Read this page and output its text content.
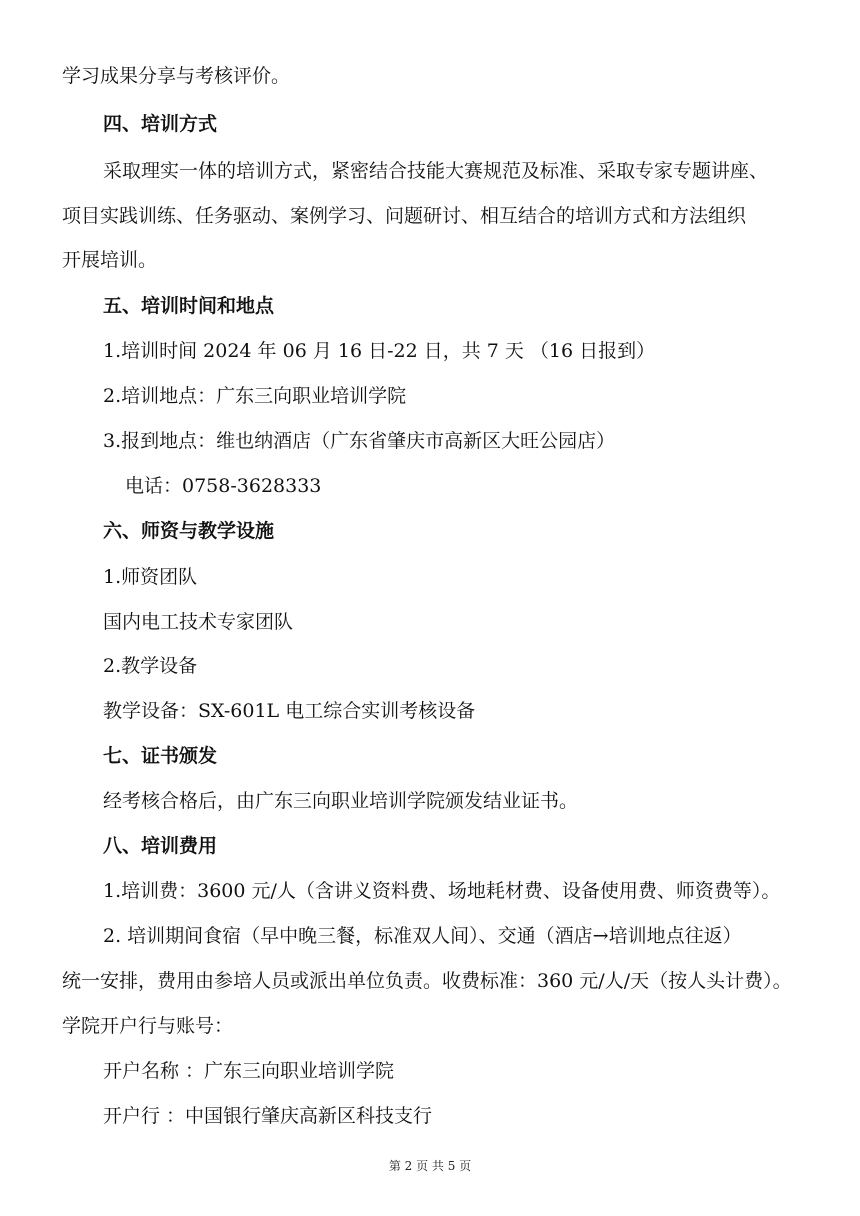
学习成果分享与考核评价。
四、培训方式
采取理实一体的培训方式，紧密结合技能大赛规范及标准、采取专家专题讲座、
项目实践训练、任务驱动、案例学习、问题研讨、相互结合的培训方式和方法组织
开展培训。
五、培训时间和地点
1.培训时间 2024 年 06 月 16 日-22 日，共 7 天 （16 日报到）
2.培训地点：广东三向职业培训学院
3.报到地点：维也纳酒店（广东省肇庆市高新区大旺公园店）
电话：0758-3628333
六、师资与教学设施
1.师资团队
国内电工技术专家团队
2.教学设备
教学设备：SX-601L 电工综合实训考核设备
七、证书颁发
经考核合格后，由广东三向职业培训学院颁发结业证书。
八、培训费用
1.培训费：3600 元/人（含讲义资料费、场地耗材费、设备使用费、师资费等）。
2. 培训期间食宿（早中晚三餐，标准双人间）、交通（酒店→培训地点往返）
统一安排，费用由参培人员或派出单位负责。收费标准：360 元/人/天（按人头计费）。
学院开户行与账号：
开户名称 ：广东三向职业培训学院
开户行 ：中国银行肇庆高新区科技支行
第 2 页 共 5 页
